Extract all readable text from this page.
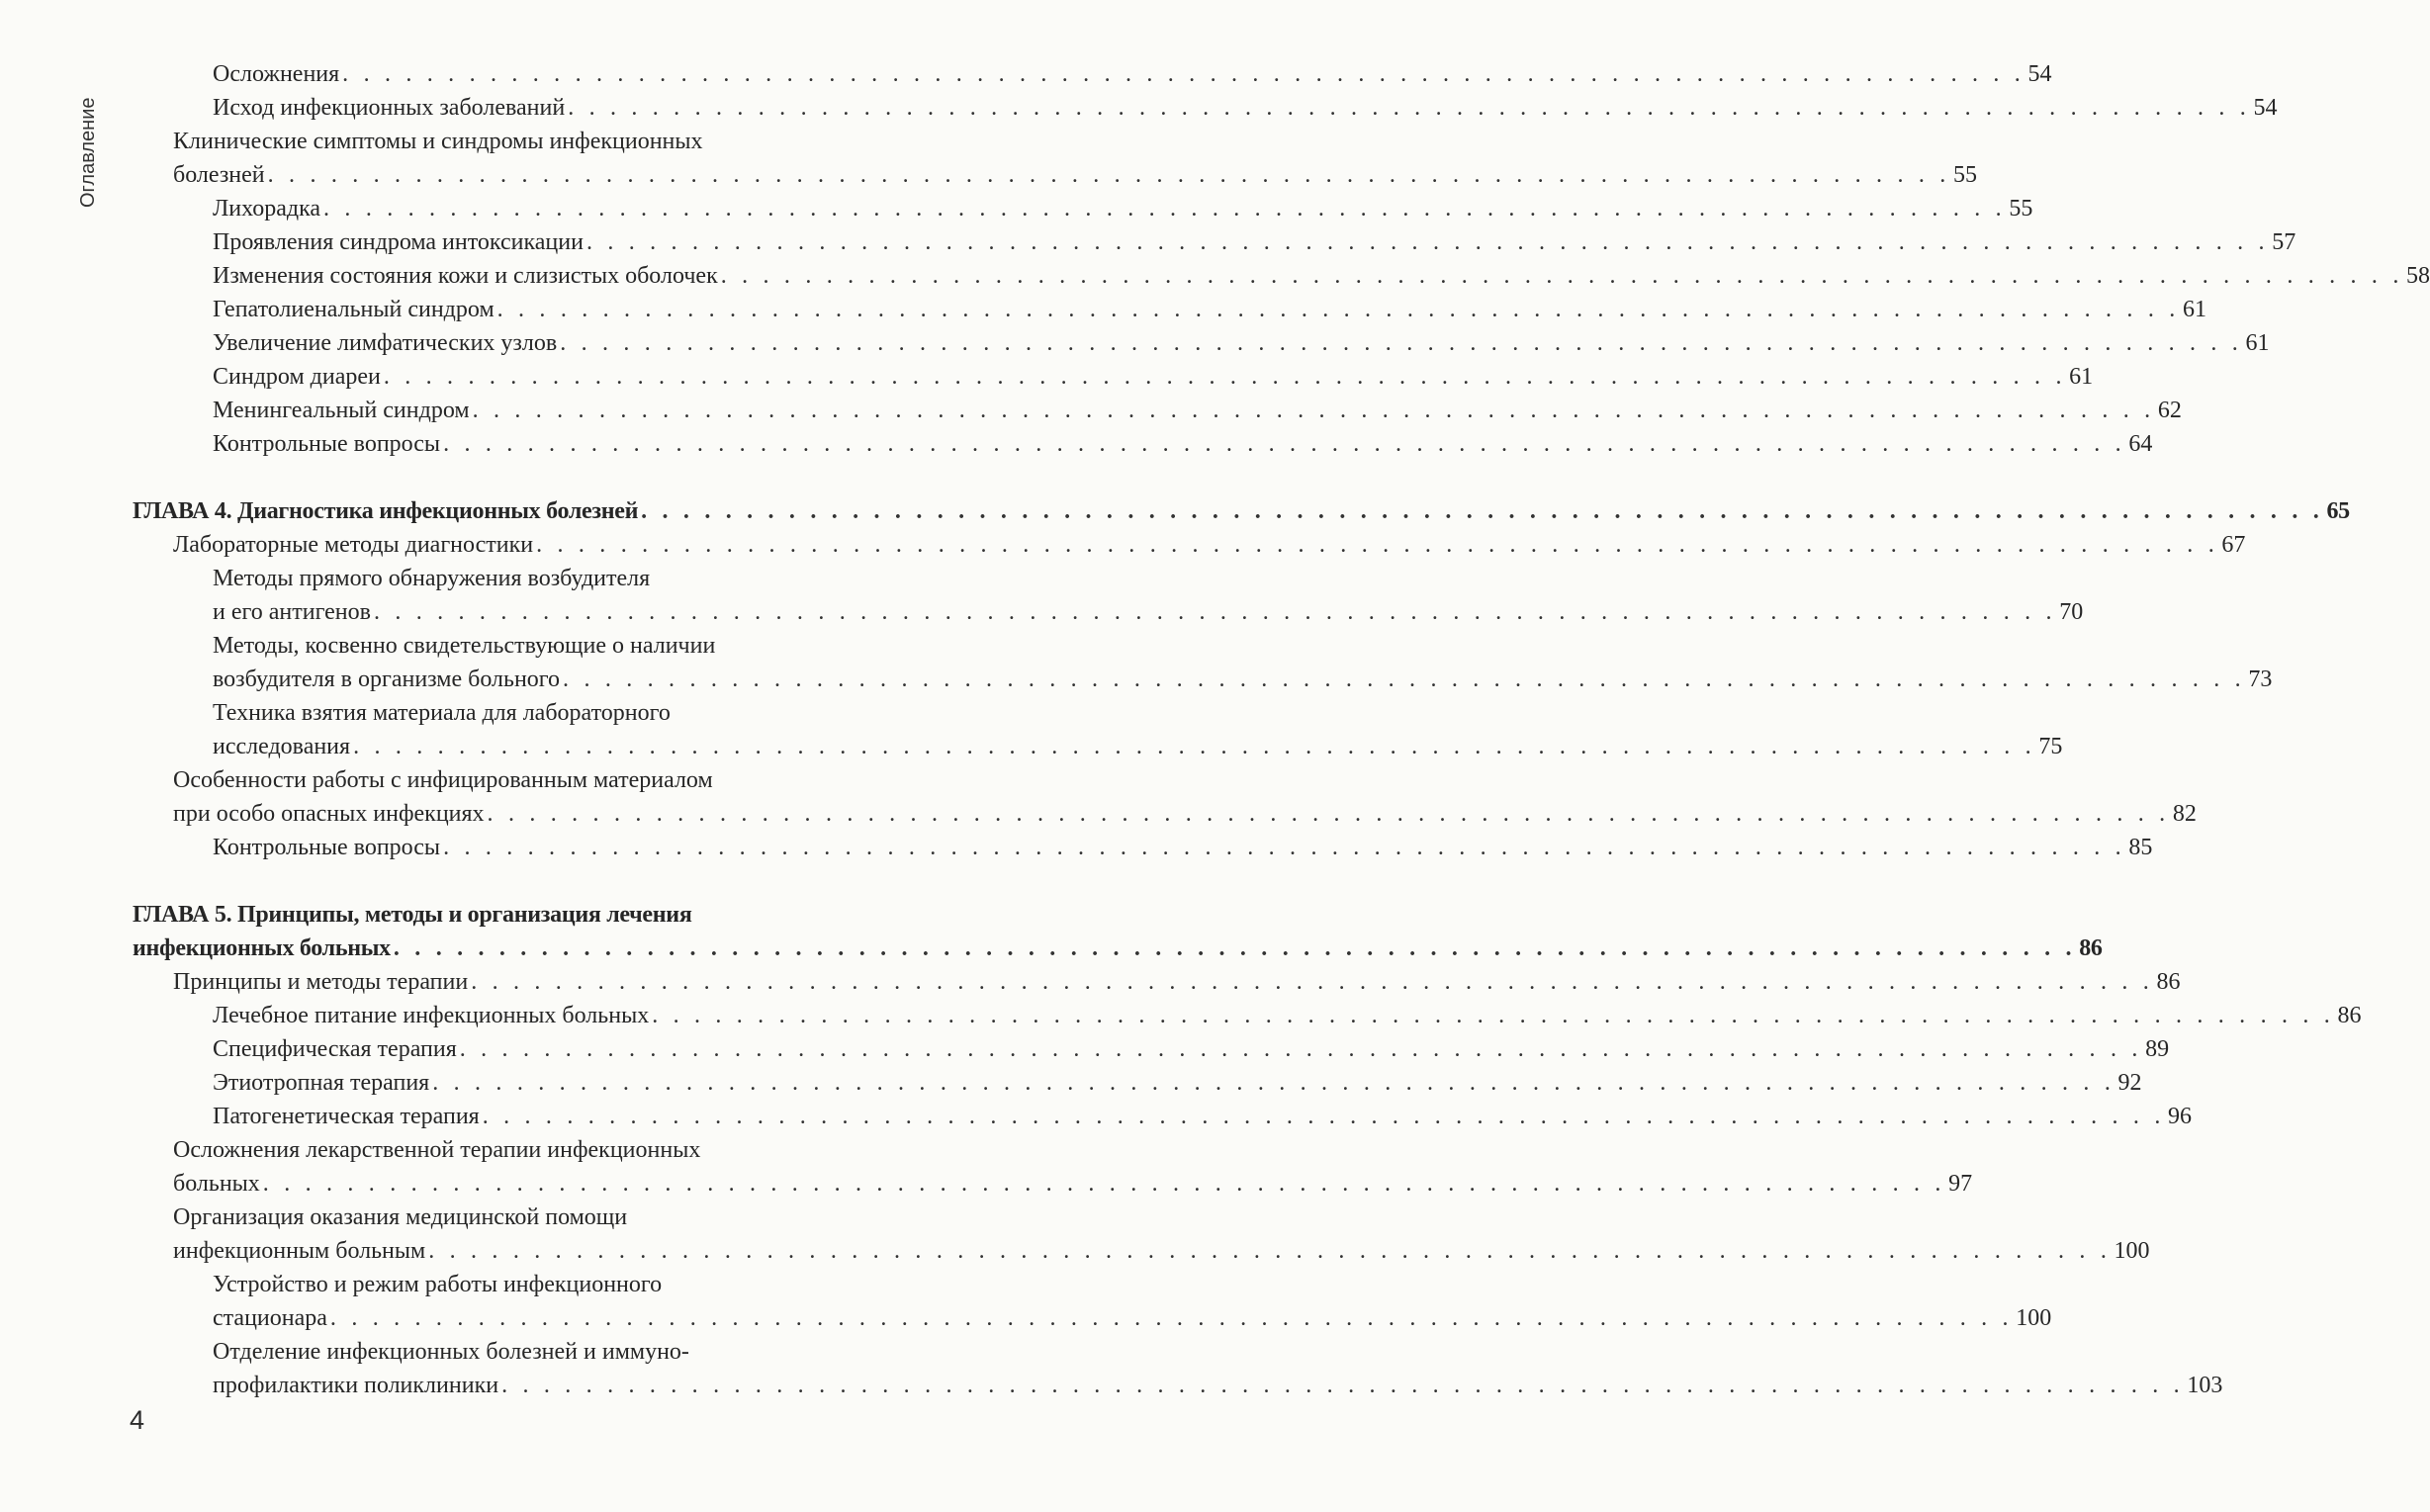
Оглавление
Осложнения . . . . . . . . . . . . . . . . . . . . . . . . . . . . . . . . . . . . . . . . . . . . . . . . . . . . . . . . . . . . . . . . . . . . . . . . . . . . . . . . 54
Исход инфекционных заболеваний . . . . . . . . . . . . . . . . . . . . . . . . . . . . . . . . . . . . . . . . . . . . . . . . . . . . . . . . . . . . . . . . . . . . . . . . . . . . . . . . 54
Клинические симптомы и синдромы инфекционных
болезней . . . . . . . . . . . . . . . . . . . . . . . . . . . . . . . . . . . . . . . . . . . . . . . . . . . . . . . . . . . . . . . . . . . . . . . . . . . . . . . . 55
Лихорадка . . . . . . . . . . . . . . . . . . . . . . . . . . . . . . . . . . . . . . . . . . . . . . . . . . . . . . . . . . . . . . . . . . . . . . . . . . . . . . . . 55
Проявления синдрома интоксикации . . . . . . . . . . . . . . . . . . . . . . . . . . . . . . . . . . . . . . . . . . . . . . . . . . . . . . . . . . . . . . . . . . . . . . . . . . . . . . . . 57
Изменения состояния кожи и слизистых оболочек . . . . . . . . . . . . . . . . . . . . . . . . . . . . . . . . . . . . . . . . . . . . . . . . . . . . . . . . . . . . . . . . . . . . . . . . . . . . . . . . 58
Гепатолиенальный синдром . . . . . . . . . . . . . . . . . . . . . . . . . . . . . . . . . . . . . . . . . . . . . . . . . . . . . . . . . . . . . . . . . . . . . . . . . . . . . . . . 61
Увеличение лимфатических узлов . . . . . . . . . . . . . . . . . . . . . . . . . . . . . . . . . . . . . . . . . . . . . . . . . . . . . . . . . . . . . . . . . . . . . . . . . . . . . . . . 61
Синдром диареи . . . . . . . . . . . . . . . . . . . . . . . . . . . . . . . . . . . . . . . . . . . . . . . . . . . . . . . . . . . . . . . . . . . . . . . . . . . . . . . . 61
Менингеальный синдром . . . . . . . . . . . . . . . . . . . . . . . . . . . . . . . . . . . . . . . . . . . . . . . . . . . . . . . . . . . . . . . . . . . . . . . . . . . . . . . . 62
Контрольные вопросы . . . . . . . . . . . . . . . . . . . . . . . . . . . . . . . . . . . . . . . . . . . . . . . . . . . . . . . . . . . . . . . . . . . . . . . . . . . . . . . . 64
ГЛАВА 4. Диагностика инфекционных болезней . . . . . . . . . . . . . . . . . . . . . . . . . . . . . . . . . . . . . . . . . . . . . . . . . . . . . . . . . . . . . . . . . . . . . . . . . . . . . . . . 65
Лабораторные методы диагностики . . . . . . . . . . . . . . . . . . . . . . . . . . . . . . . . . . . . . . . . . . . . . . . . . . . . . . . . . . . . . . . . . . . . . . . . . . . . . . . . 67
Методы прямого обнаружения возбудителя
и его антигенов . . . . . . . . . . . . . . . . . . . . . . . . . . . . . . . . . . . . . . . . . . . . . . . . . . . . . . . . . . . . . . . . . . . . . . . . . . . . . . . . 70
Методы, косвенно свидетельствующие о наличии
возбудителя в организме больного . . . . . . . . . . . . . . . . . . . . . . . . . . . . . . . . . . . . . . . . . . . . . . . . . . . . . . . . . . . . . . . . . . . . . . . . . . . . . . . . 73
Техника взятия материала для лабораторного
исследования . . . . . . . . . . . . . . . . . . . . . . . . . . . . . . . . . . . . . . . . . . . . . . . . . . . . . . . . . . . . . . . . . . . . . . . . . . . . . . . . 75
Особенности работы с инфицированным материалом
при особо опасных инфекциях . . . . . . . . . . . . . . . . . . . . . . . . . . . . . . . . . . . . . . . . . . . . . . . . . . . . . . . . . . . . . . . . . . . . . . . . . . . . . . . . 82
Контрольные вопросы . . . . . . . . . . . . . . . . . . . . . . . . . . . . . . . . . . . . . . . . . . . . . . . . . . . . . . . . . . . . . . . . . . . . . . . . . . . . . . . . 85
ГЛАВА 5. Принципы, методы и организация лечения
инфекционных больных . . . . . . . . . . . . . . . . . . . . . . . . . . . . . . . . . . . . . . . . . . . . . . . . . . . . . . . . . . . . . . . . . . . . . . . . . . . . . . . . 86
Принципы и методы терапии . . . . . . . . . . . . . . . . . . . . . . . . . . . . . . . . . . . . . . . . . . . . . . . . . . . . . . . . . . . . . . . . . . . . . . . . . . . . . . . . 86
Лечебное питание инфекционных больных . . . . . . . . . . . . . . . . . . . . . . . . . . . . . . . . . . . . . . . . . . . . . . . . . . . . . . . . . . . . . . . . . . . . . . . . . . . . . . . . 86
Специфическая терапия . . . . . . . . . . . . . . . . . . . . . . . . . . . . . . . . . . . . . . . . . . . . . . . . . . . . . . . . . . . . . . . . . . . . . . . . . . . . . . . . 89
Этиотропная терапия . . . . . . . . . . . . . . . . . . . . . . . . . . . . . . . . . . . . . . . . . . . . . . . . . . . . . . . . . . . . . . . . . . . . . . . . . . . . . . . . 92
Патогенетическая терапия . . . . . . . . . . . . . . . . . . . . . . . . . . . . . . . . . . . . . . . . . . . . . . . . . . . . . . . . . . . . . . . . . . . . . . . . . . . . . . . . 96
Осложнения лекарственной терапии инфекционных
больных . . . . . . . . . . . . . . . . . . . . . . . . . . . . . . . . . . . . . . . . . . . . . . . . . . . . . . . . . . . . . . . . . . . . . . . . . . . . . . . . 97
Организация оказания медицинской помощи
инфекционным больным . . . . . . . . . . . . . . . . . . . . . . . . . . . . . . . . . . . . . . . . . . . . . . . . . . . . . . . . . . . . . . . . . . . . . . . . . . . . . . . . 100
Устройство и режим работы инфекционного
стационара . . . . . . . . . . . . . . . . . . . . . . . . . . . . . . . . . . . . . . . . . . . . . . . . . . . . . . . . . . . . . . . . . . . . . . . . . . . . . . . . 100
Отделение инфекционных болезней и иммуно-
профилактики поликлиники . . . . . . . . . . . . . . . . . . . . . . . . . . . . . . . . . . . . . . . . . . . . . . . . . . . . . . . . . . . . . . . . . . . . . . . . . . . . . . . . 103
4
